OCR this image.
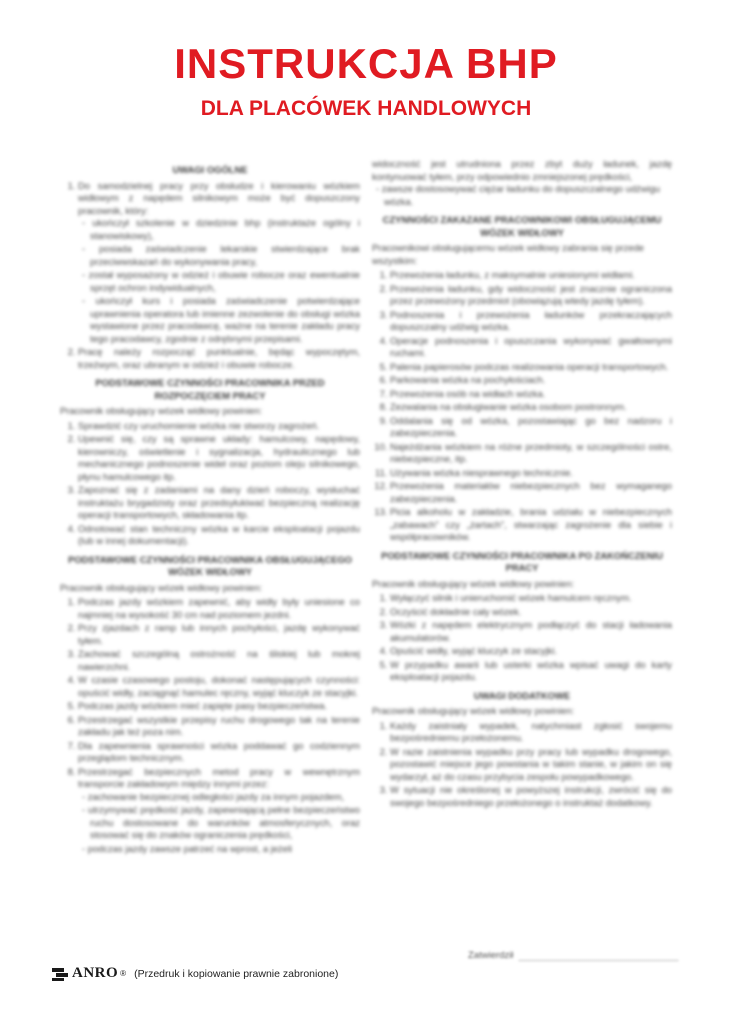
INSTRUKCJA BHP
DLA PLACÓWEK HANDLOWYCH
UWAGI OGÓLNE
1. Do samodzielnej pracy przy obsłudze i kierowaniu wózkiem widłowym z napędem silnikowym może być dopuszczony pracownik, który:
- ukończył szkolenie w dziedzinie bhp (instruktaże ogólny i stanowiskowy),
- posiada zaświadczenie lekarskie stwierdzające brak przeciwwskazań do wykonywania pracy,
- został wyposażony w odzież i obuwie robocze oraz ewentualnie sprzęt ochron indywidualnych,
- ukończył kurs i posiada zaświadczenie potwierdzające uprawnienia operatora lub imienne zezwolenie do obsługi wózka wystawione przez pracodawcę, ważne na terenie zakładu pracy tego pracodawcy, zgodnie z odrębnymi przepisami.
2. Pracę należy rozpocząć punktualnie, będąc wypoczętym, trzeźwym, oraz ubranym w odzież i obuwie robocze.
PODSTAWOWE CZYNNOŚCI PRACOWNIKA PRZED ROZPOCZĘCIEM PRACY

Pracownik obsługujący wózek widłowy powinien:

1. Sprawdzić czy uruchomienie wózka nie stworzy zagrożeń.
2. Upewnić się, czy są sprawne układy: hamulcowy, napędowy, kierowniczy, oświetlenie i sygnalizacja, hydraulicznego lub mechanicznego podnoszenie wideł oraz poziom oleju silnikowego, płynu hamulcowego itp.
3. Zapoznać się z zadaniami na dany dzień roboczy, wysłuchać instruktażu brygadzisty oraz przedsyłukiwać bezpieczną realizację operacji transportowych, składowania itp.
4. Odnotować stan techniczny wózka w karcie eksploatacji pojazdu (lub w innej dokumentacji).
PODSTAWOWE CZYNNOŚCI PRACOWNIKA OBSŁUGUJĄCEGO WÓZEK WIDŁOWY

Pracownik obsługujący wózek widłowy powinien:

1. Podczas jazdy wózkiem zapewnić, aby widły były uniesione co najmniej na wysokość 30 cm nad poziomem jezdni.
2. Przy zjazdach z ramp lub innych pochyłości, jazdę wykonywać tyłem.
3. Zachować szczególną ostrożność na śliskiej lub mokrej nawierzchni.
4. W czasie czasowego postoju, dokonać następujących czynności: opuścić widły, zaciągnąć hamulec ręczny, wyjąć kluczyk ze stacyjki.
5. Podczas jazdy wózkiem mieć zapięte pasy bezpieczeństwa.
6. Przestrzegać wszystkie przepisy ruchu drogowego tak na terenie zakładu jak też poza nim.
7. Dla zapewnienia sprawności wózka poddawać go codziennym przeglądom technicznym.
8. Przestrzegać bezpiecznych metod pracy w wewnętrznym transporcie zakładowym między innymi przez:
- zachowanie bezpiecznej odległości jazdy za innym pojazdem,
- utrzymywać prędkość jazdy, zapewniającą pełne bezpieczeństwo ruchu dostosowane do warunków atmosferycznych, oraz stosować się do znaków ograniczenia prędkości,
- podczas jazdy zawsze patrzeć na wprost, a jeżeli

widoczność jest utrudniona przez zbyt duży ładunek, jazdę kontynuować tyłem, przy odpowiednio zmniejszonej prędkości,

- zawsze dostosowywać ciężar ładunku do dopuszczalnego udźwigu wózka.
CZYNNOŚCI ZAKAZANE PRACOWNIKOWI OBSŁUGUJĄCEMU WÓZEK WIDŁOWY

Pracownikowi obsługującemu wózek widłowy zabrania się przede wszystkim:

1. Przewożenia ładunku, z maksymalnie uniesionymi widłami.
2. Przewożenia ładunku, gdy widoczność jest znacznie ograniczona przez przewożony przedmiot (obowiązują wtedy jazdę tyłem).
3. Podnoszenia i przewożenia ładunków przekraczających dopuszczalny udźwig wózka.
4. Operacje podnoszenia i opuszczania wykonywać gwałtownymi ruchami.
5. Palenia papierosów podczas realizowania operacji transportowych.
6. Parkowania wózka na pochyłościach.
7. Przewożenia osób na widłach wózka.
8. Zezwalania na obsługiwanie wózka osobom postronnym.
9. Oddalania się od wózka, pozostawiając go bez nadzoru i zabezpieczenia.
10. Najeżdżania wózkiem na różne przedmioty, w szczególności ostre, niebezpieczne, itp.
11. Używania wózka niesprawnego technicznie.
12. Przewożenia materiałów niebezpiecznych bez wymaganego zabezpieczenia.
13. Picia alkoholu w zakładzie, brania udziału w niebezpiecznych „zabawach” czy „żartach”, stwarzając zagrożenie dla siebie i współpracowników.
PODSTAWOWE CZYNNOŚCI PRACOWNIKA PO ZAKOŃCZENIU PRACY

Pracownik obsługujący wózek widłowy powinien:

1. Wyłączyć silnik i unieruchomić wózek hamulcem ręcznym.
2. Oczyścić dokładnie cały wózek.
3. Wózki z napędem elektrycznym podłączyć do stacji ładowania akumulatorów.
4. Opuścić widły, wyjąć kluczyk ze stacyjki.
5. W przypadku awarii lub usterki wózka wpisać uwagi do karty eksploatacji pojazdu.
UWAGI DODATKOWE

Pracownik obsługujący wózek widłowy powinien:

1. Każdy zaistniały wypadek, natychmiast zgłosić swojemu bezpośredniemu przełożonemu.
2. W razie zaistnienia wypadku przy pracy lub wypadku drogowego, pozostawić miejsce jego powstania w takim stanie, w jakim on się wydarzył, aż do czasu przybycia zespołu powypadkowego.
3. W sytuacji nie określonej w powyższej instrukcji, zwrócić się do swojego bezpośredniego przełożonego o instruktaż dodatkowy.
Zatwierdził
ANRO ® (Przedruk i kopiowanie prawnie zabronione)
